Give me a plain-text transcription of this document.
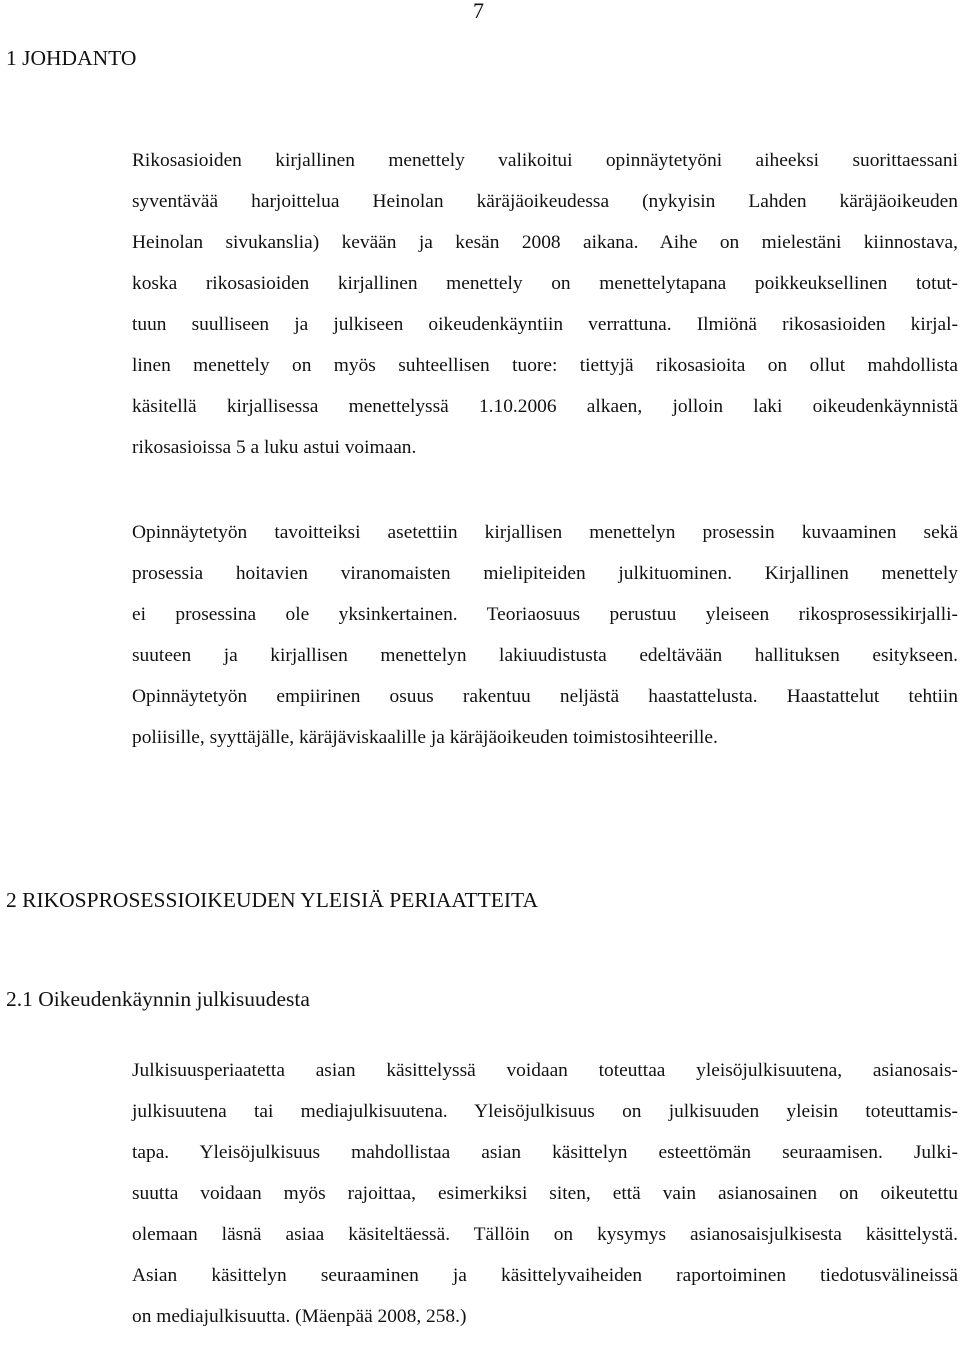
7
1 JOHDANTO
Rikosasioiden kirjallinen menettely valikoitui opinnäytetyöni aiheeksi suorittaessani
syventävää harjoittelua Heinolan käräjäoikeudessa (nykyisin Lahden käräjäoikeuden
Heinolan sivukanslia) kevään ja kesän 2008 aikana. Aihe on mielestäni kiinnostava,
koska rikosasioiden kirjallinen menettely on menettelytapana poikkeuksellinen totut-
tuun suulliseen ja julkiseen oikeudenkäyntiin verrattuna. Ilmiönä rikosasioiden kirjal-
linen menettely on myös suhteellisen tuore: tiettyjä rikosasioita on ollut mahdollista
käsitellä kirjallisessa menettelyssä 1.10.2006 alkaen, jolloin laki oikeudenkäynnistä
rikosasioissa 5 a luku astui voimaan.
Opinnäytetyön tavoitteiksi asetettiin kirjallisen menettelyn prosessin kuvaaminen sekä
prosessia hoitavien viranomaisten mielipiteiden julkituominen. Kirjallinen menettely
ei prosessina ole yksinkertainen. Teoriaosuus perustuu yleiseen rikosprosessikirjalli-
suuteen ja kirjallisen menettelyn lakiuudistusta edeltävään hallituksen esitykseen.
Opinnäytetyön empiirinen osuus rakentuu neljästä haastattelusta. Haastattelut tehtiin
poliisille, syyttäjälle, käräjäviskaalille ja käräjäoikeuden toimistosihteerille.
2 RIKOSPROSESSIOIKEUDEN YLEISIÄ PERIAATTEITA
2.1 Oikeudenkäynnin julkisuudesta
Julkisuusperiaatetta asian käsittelyssä voidaan toteuttaa yleisöjulkisuutena, asianosais-
julkisuutena tai mediajulkisuutena. Yleisöjulkisuus on julkisuuden yleisin toteuttamis-
tapa. Yleisöjulkisuus mahdollistaa asian käsittelyn esteettömän seuraamisen. Julki-
suutta voidaan myös rajoittaa, esimerkiksi siten, että vain asianosainen on oikeutettu
olemaan läsnä asiaa käsiteltäessä. Tällöin on kysymys asianosaisjulkisesta käsittelystä.
Asian käsittelyn seuraaminen ja käsittelyvaiheiden raportoiminen tiedotusvälineissä
on mediajulkisuutta. (Mäenpää 2008, 258.)
